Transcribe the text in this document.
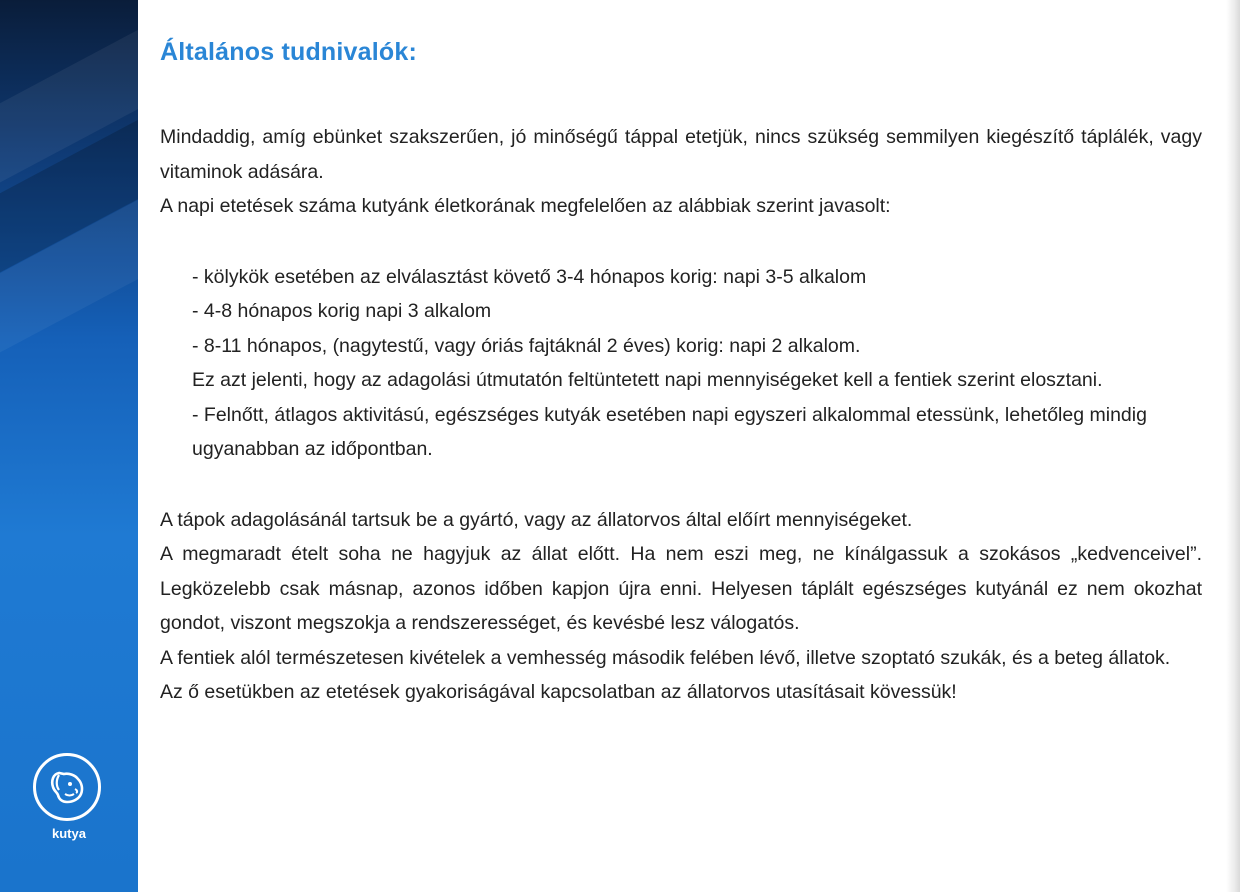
kutya
Általános tudnivalók:

Mindaddig, amíg ebünket szakszerűen, jó minőségű táppal etetjük, nincs szükség semmilyen kiegészítő táplálék, vagy vitaminok adására.

A napi etetések száma kutyánk életkorának megfelelően az alábbiak szerint javasolt:

- kölykök esetében az elválasztást követő 3-4 hónapos korig: napi 3-5 alkalom

- 4-8 hónapos korig napi 3 alkalom

- 8-11 hónapos, (nagytestű, vagy óriás fajtáknál 2 éves) korig: napi 2 alkalom.

Ez azt jelenti, hogy az adagolási útmutatón feltüntetett napi mennyiségeket kell a fentiek szerint elosztani.

- Felnőtt, átlagos aktivitású, egészséges kutyák esetében napi egyszeri alkalommal etessünk, lehetőleg mindig ugyanabban az időpontban.

A tápok adagolásánál tartsuk be a gyártó, vagy az állatorvos által előírt mennyiségeket.

A megmaradt ételt soha ne hagyjuk az állat előtt. Ha nem eszi meg, ne kínálgassuk a szokásos „kedvenceivel”. Legközelebb csak másnap, azonos időben kapjon újra enni. Helyesen táplált egészséges kutyánál ez nem okozhat gondot, viszont megszokja a rendszerességet, és kevésbé lesz válogatós.

A fentiek alól természetesen kivételek a vemhesség második felében lévő, illetve szoptató szukák, és a beteg állatok.

Az ő esetükben az etetések gyakoriságával kapcsolatban az állatorvos utasításait kövessük!
